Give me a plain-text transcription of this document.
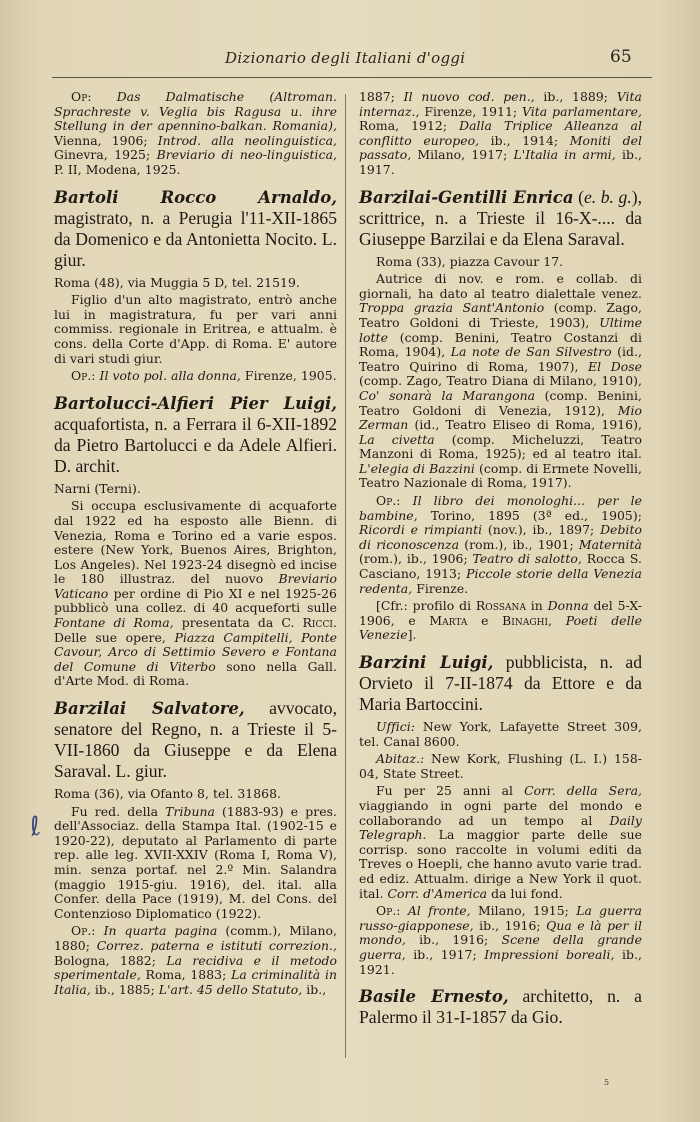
Dizionario degli Italiani d'oggi	65

Op: Das Dalmatische (Altroman. Sprachreste v. Veglia bis Ragusa u. ihre Stellung in der apennino-balkan. Romania), Vienna, 1906; Introd. alla neolinguistica, Ginevra, 1925; Breviario di neo-linguistica, P. II, Modena, 1925.

Bartoli Rocco Arnaldo, magistrato, n. a Perugia l'11-XII-1865 da Domenico e da Antonietta Nocito. L. giur.

Roma (48), via Muggia 5 D, tel. 21519.

Figlio d'un alto magistrato, entrò anche lui in magistratura, fu per vari anni commiss. regionale in Eritrea, e attualm. è cons. della Corte d'App. di Roma. E' autore di vari studi giur.

Op.: Il voto pol. alla donna, Firenze, 1905.

Bartolucci-Alfieri Pier Luigi, acquafortista, n. a Ferrara il 6-XII-1892 da Pietro Bartolucci e da Adele Alfieri. D. archit.

Narni (Terni).

Si occupa esclusivamente di acquaforte dal 1922 ed ha esposto alle Bienn. di Venezia, Roma e Torino ed a varie espos. estere (New York, Buenos Aires, Brighton, Los Angeles). Nel 1923-24 disegnò ed incise le 180 illustraz. del nuovo Breviario Vaticano per ordine di Pio XI e nel 1925-26 pubblicò una collez. di 40 acqueforti sulle Fontane di Roma, presentata da C. Ricci. Delle sue opere, Piazza Campitelli, Ponte Cavour, Arco di Settimio Severo e Fontana del Comune di Viterbo sono nella Gall. d'Arte Mod. di Roma.

Barzilai Salvatore, avvocato, senatore del Regno, n. a Trieste il 5-VII-1860 da Giuseppe e da Elena Saraval. L. giur.

Roma (36), via Ofanto 8, tel. 31868.

Fu red. della Tribuna (1883-93) e pres. dell'Associaz. della Stampa Ital. (1902-15 e 1920-22), deputato al Parlamento di parte rep. alle leg. XVII-XXIV (Roma I, Roma V), min. senza portaf. nel 2.º Min. Salandra (maggio 1915-giu. 1916), del. ital. alla Confer. della Pace (1919), M. del Cons. del Contenzioso Diplomatico (1922).

Op.: In quarta pagina (comm.), Milano, 1880; Correz. paterna e istituti correzion., Bologna, 1882; La recidiva e il metodo sperimentale, Roma, 1883; La criminalità in Italia, ib., 1885; L'art. 45 dello Statuto, ib.,

1887; Il nuovo cod. pen., ib., 1889; Vita internaz., Firenze, 1911; Vita parlamentare, Roma, 1912; Dalla Triplice Alleanza al conflitto europeo, ib., 1914; Moniti del passato, Milano, 1917; L'Italia in armi, ib., 1917.

Barzilai-Gentilli Enrica (e. b. g.), scrittrice, n. a Trieste il 16-X-.... da Giuseppe Barzilai e da Elena Saraval.

Roma (33), piazza Cavour 17.

Autrice di nov. e rom. e collab. di giornali, ha dato al teatro dialettale venez. Troppa grazia Sant'Antonio (comp. Zago, Teatro Goldoni di Trieste, 1903), Ultime lotte (comp. Benini, Teatro Costanzi di Roma, 1904), La note de San Silvestro (id., Teatro Quirino di Roma, 1907), El Dose (comp. Zago, Teatro Diana di Milano, 1910), Co' sonarà la Marangona (comp. Benini, Teatro Goldoni di Venezia, 1912), Mio Zerman (id., Teatro Eliseo di Roma, 1916), La civetta (comp. Micheluzzi, Teatro Manzoni di Roma, 1925); ed al teatro ital. L'elegia di Bazzini (comp. di Ermete Novelli, Teatro Nazionale di Roma, 1917).

Op.: Il libro dei monologhi... per le bambine, Torino, 1895 (3ª ed., 1905); Ricordi e rimpianti (nov.), ib., 1897; Debito di riconoscenza (rom.), ib., 1901; Maternità (rom.), ib., 1906; Teatro di salotto, Rocca S. Casciano, 1913; Piccole storie della Venezia redenta, Firenze.

[Cfr.: profilo di Rossana in Donna del 5-X-1906, e Marta e Binaghi, Poeti delle Venezie].

Barzini Luigi, pubblicista, n. ad Orvieto il 7-II-1874 da Ettore e da Maria Bartoccini.

Uffici: New York, Lafayette Street 309, tel. Canal 8600.

Abitaz.: New Kork, Flushing (L. I.) 158-04, State Street.

Fu per 25 anni al Corr. della Sera, viaggiando in ogni parte del mondo e collaborando ad un tempo al Daily Telegraph. La maggior parte delle sue corrisp. sono raccolte in volumi editi da Treves o Hoepli, che hanno avuto varie trad. ed ediz. Attualm. dirige a New York il quot. ital. Corr. d'America da lui fond.

Op.: Al fronte, Milano, 1915; La guerra russo-giapponese, ib., 1916; Qua e là per il mondo, ib., 1916; Scene della grande guerra, ib., 1917; Impressioni boreali, ib., 1921.

Basile Ernesto, architetto, n. a Palermo il 31-I-1857 da Gio.

ℓ
5
